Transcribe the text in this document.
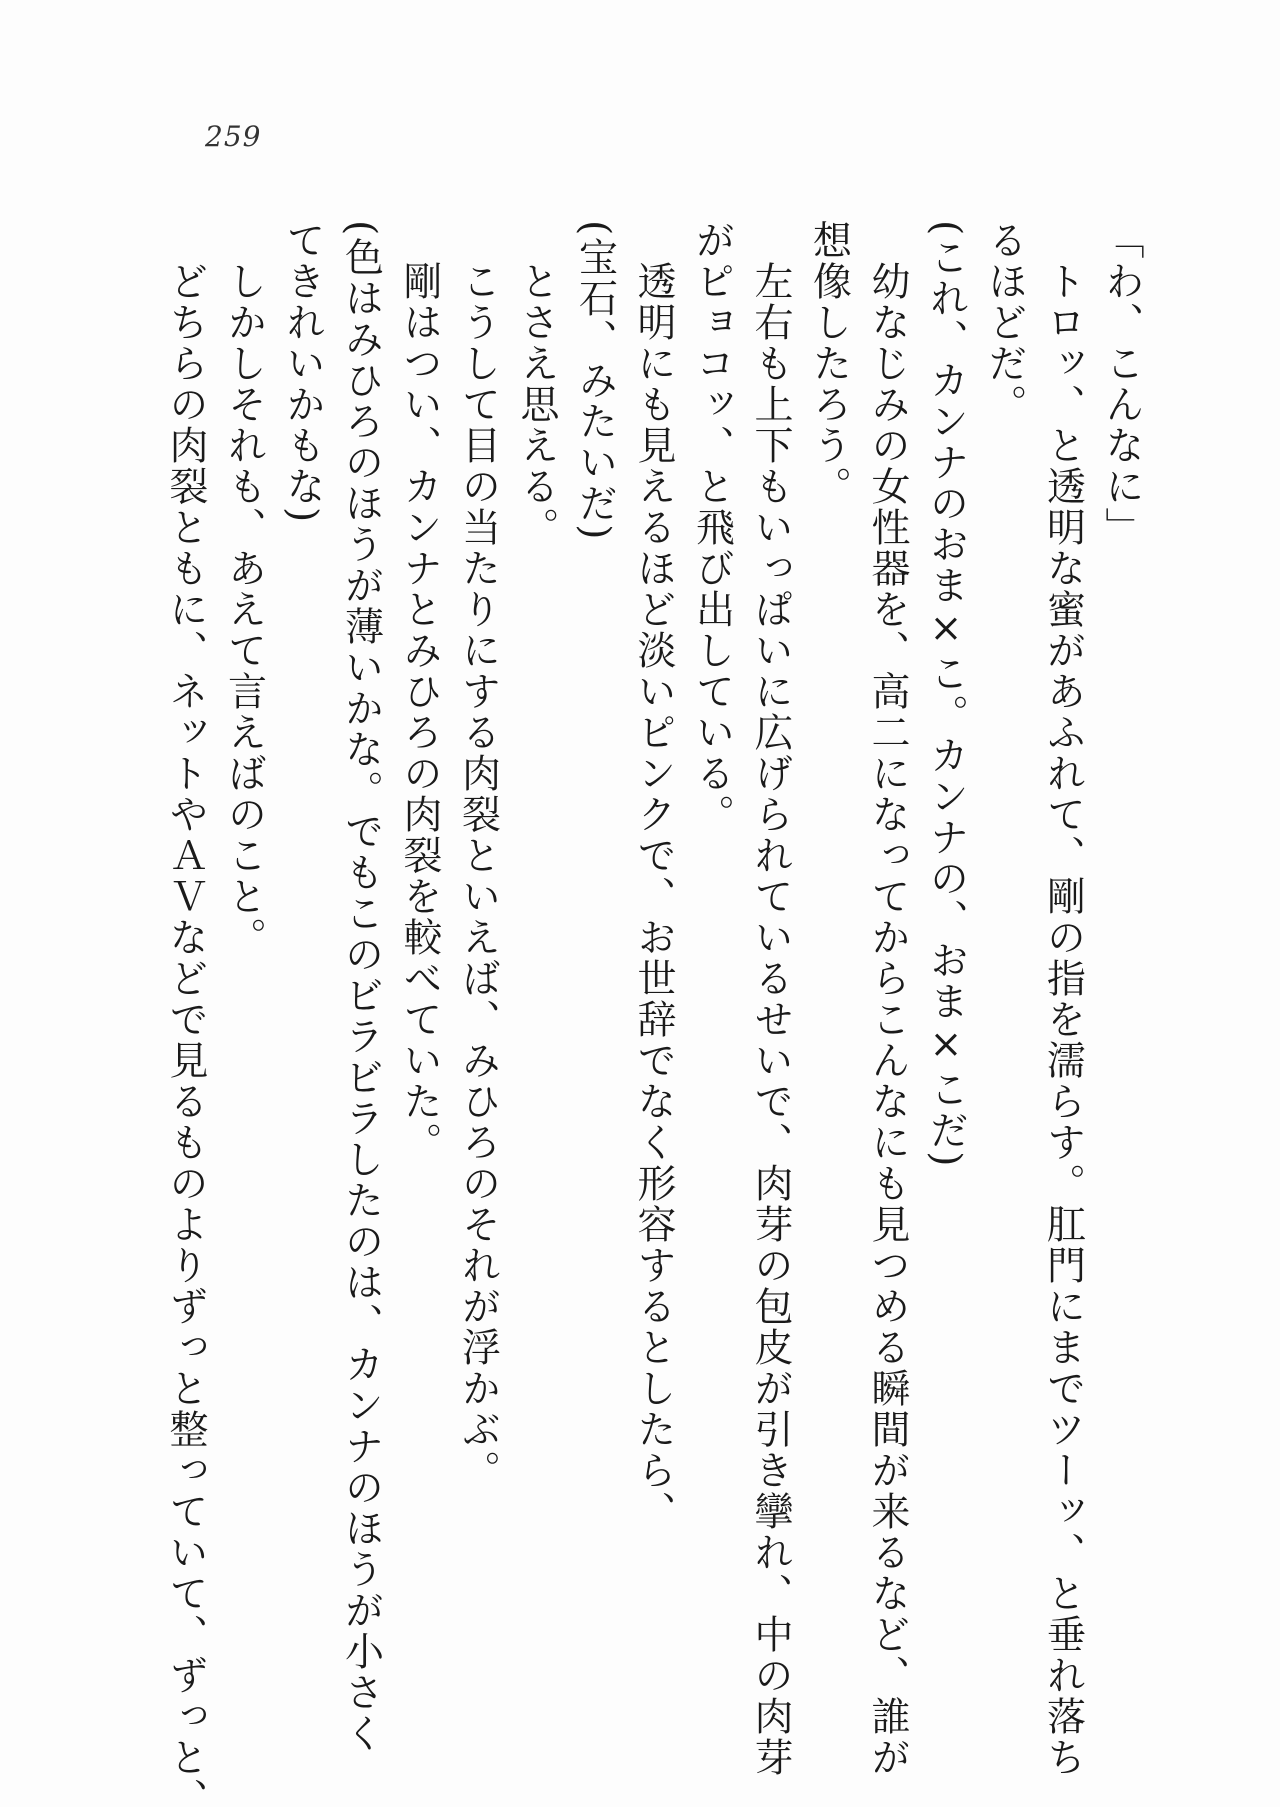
259
「わ、こんなに」
　トロッ、と透明な蜜があふれて、剛の指を濡らす。肛門にまでツーッ、と垂れ落ち
るほどだ。
(これ、カンナのおま×こ。カンナの、おま×こだ)
　幼なじみの女性器を、高二になってからこんなにも見つめる瞬間が来るなど、誰が
想像したろう。
　左右も上下もいっぱいに広げられているせいで、肉芽の包皮が引き攣れ、中の肉芽
がピョコッ、と飛び出している。
　透明にも見えるほど淡いピンクで、お世辞でなく形容するとしたら、
(宝石、みたいだ)
　とさえ思える。
　こうして目の当たりにする肉裂といえば、みひろのそれが浮かぶ。
　剛はつい、カンナとみひろの肉裂を較べていた。
(色はみひろのほうが薄いかな。でもこのビラビラしたのは、カンナのほうが小さく
てきれいかもな)
　しかしそれも、あえて言えばのこと。
　どちらの肉裂ともに、ネットやＡＶなどで見るものよりずっと整っていて、ずっと、
